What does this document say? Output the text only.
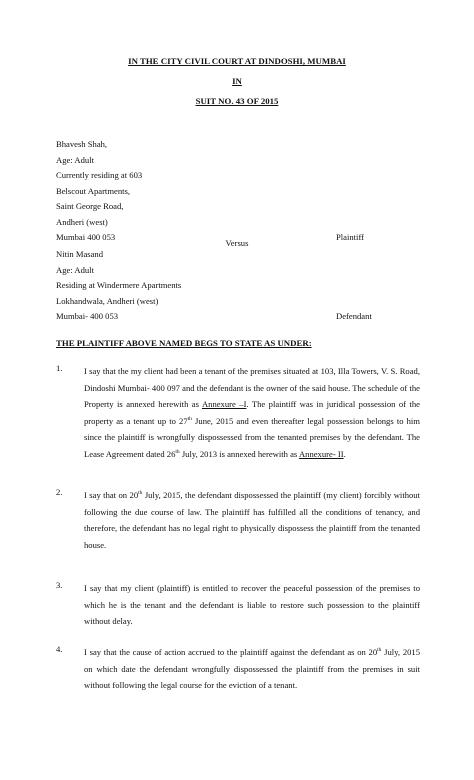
IN THE CITY CIVIL COURT AT DINDOSHI, MUMBAI
IN
SUIT NO. 43 OF 2015
Bhavesh Shah,
Age: Adult
Currently residing at 603
Belscout Apartments,
Saint George Road,
Andheri (west)
Mumbai 400 053	Plaintiff
Versus
Nitin Masand
Age: Adult
Residing at Windermere Apartments
Lokhandwala, Andheri (west)
Mumbai- 400 053	Defendant
THE PLAINTIFF ABOVE NAMED BEGS TO STATE AS UNDER:
1.	I say that the my client had been a tenant of the premises situated at 103, Illa Towers, V. S. Road, Dindoshi Mumbai- 400 097 and the defendant is the owner of the said house. The schedule of the Property is annexed herewith as Annexure –I. The plaintiff was in juridical possession of the property as a tenant up to 27th June, 2015 and even thereafter legal possession belongs to him since the plaintiff is wrongfully dispossessed from the tenanted premises by the defendant. The Lease Agreement dated 26th July, 2013 is annexed herewith as Annexure- II.
2.	I say that on 20th July, 2015, the defendant dispossessed the plaintiff (my client) forcibly without following the due course of law. The plaintiff has fulfilled all the conditions of tenancy, and therefore, the defendant has no legal right to physically dispossess the plaintiff from the tenanted house.
3.	I say that my client (plaintiff) is entitled to recover the peaceful possession of the premises to which he is the tenant and the defendant is liable to restore such possession to the plaintiff without delay.
4.	I say that the cause of action accrued to the plaintiff against the defendant as on 20th July, 2015 on which date the defendant wrongfully dispossessed the plaintiff from the premises in suit without following the legal course for the eviction of a tenant.
